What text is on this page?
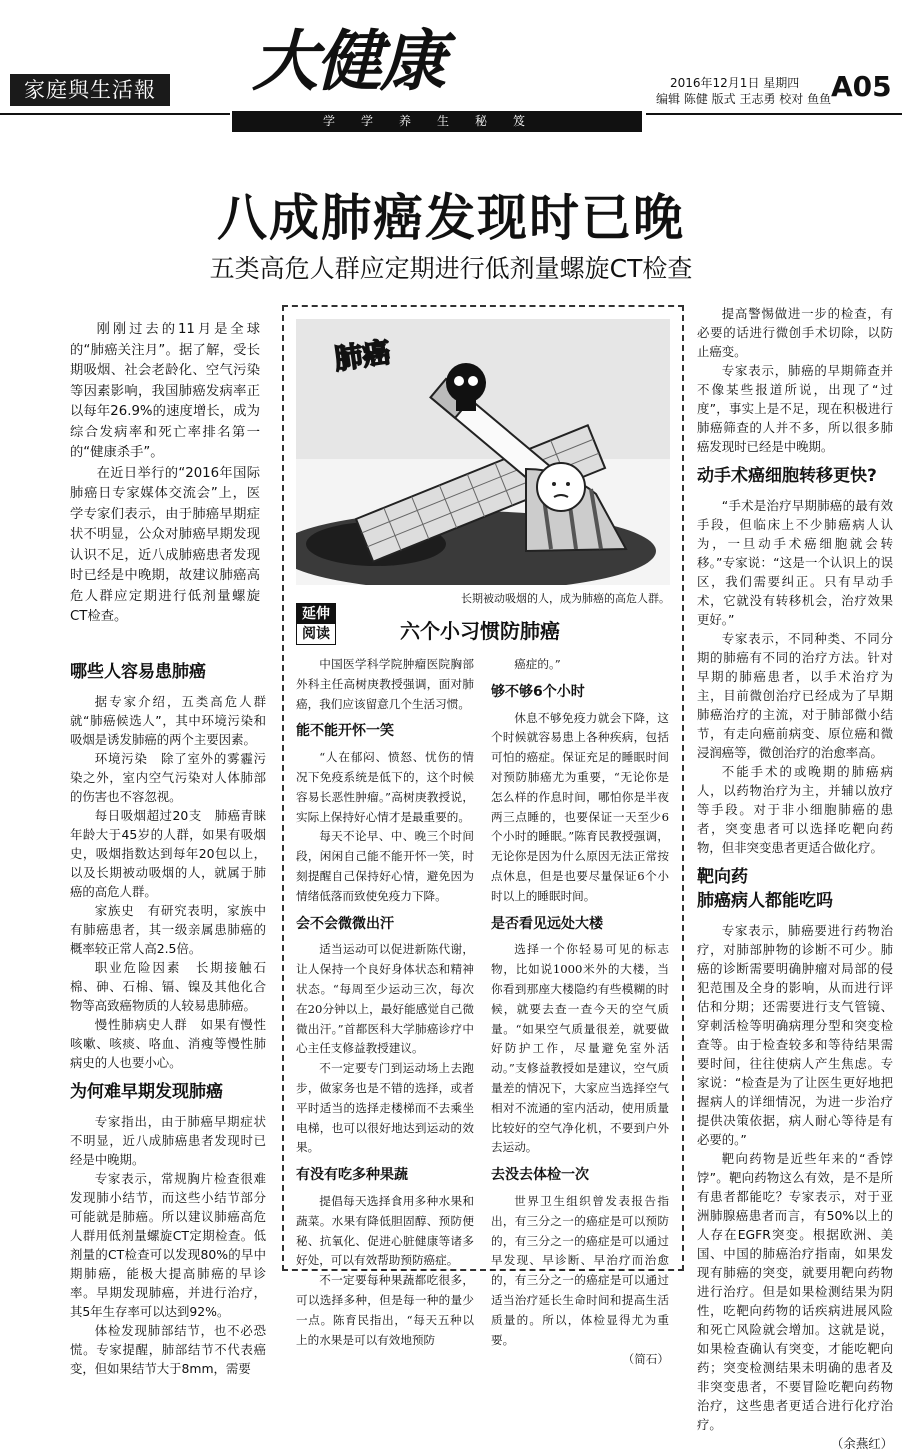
家庭與生活報 大健康
学学养生秘笈
2016年12月1日 星期四
编辑 陈健 版式 王志勇 校对 鱼鱼 A05
八成肺癌发现时已晚
五类高危人群应定期进行低剂量螺旋CT检查

刚刚过去的11月是全球的“肺癌关注月”。据了解，受长期吸烟、社会老龄化、空气污染等因素影响，我国肺癌发病率正以每年26.9%的速度增长，成为综合发病率和死亡率排名第一的“健康杀手”。

在近日举行的“2016年国际肺癌日专家媒体交流会”上，医学专家们表示，由于肺癌早期症状不明显，公众对肺癌早期发现认识不足，近八成肺癌患者发现时已经是中晚期，故建议肺癌高危人群应定期进行低剂量螺旋CT检查。

哪些人容易患肺癌

据专家介绍，五类高危人群就“肺癌候选人”，其中环境污染和吸烟是诱发肺癌的两个主要因素。

环境污染　除了室外的雾霾污染之外，室内空气污染对人体肺部的伤害也不容忽视。

每日吸烟超过20支　肺癌青睐年龄大于45岁的人群，如果有吸烟史，吸烟指数达到每年20包以上，以及长期被动吸烟的人，就属于肺癌的高危人群。

家族史　有研究表明，家族中有肺癌患者，其一级亲属患肺癌的概率较正常人高2.5倍。

职业危险因素　长期接触石棉、砷、石棉、镉、镍及其他化合物等高致癌物质的人较易患肺癌。

慢性肺病史人群　如果有慢性咳嗽、咳痰、咯血、消瘦等慢性肺病史的人也要小心。

为何难早期发现肺癌

专家指出，由于肺癌早期症状不明显，近八成肺癌患者发现时已经是中晚期。

专家表示，常规胸片检查很难发现肺小结节，而这些小结节部分可能就是肺癌。所以建议肺癌高危人群用低剂量螺旋CT定期检查。低剂量的CT检查可以发现80%的早中期肺癌，能极大提高肺癌的早诊率。早期发现肺癌，并进行治疗，其5年生存率可以达到92%。

体检发现肺部结节，也不必恐慌。专家提醒，肺部结节不代表癌变，但如果结节大于8mm，需要

肺癌
长期被动吸烟的人，成为肺癌的高危人群。
延伸
阅读	六个小习惯防肺癌

中国医学科学院肿瘤医院胸部外科主任高树庚教授强调，面对肺癌，我们应该留意几个生活习惯。

能不能开怀一笑

“人在郁闷、愤怒、忧伤的情况下免疫系统是低下的，这个时候容易长恶性肿瘤。”高树庚教授说，实际上保持好心情才是最重要的。

每天不论早、中、晚三个时间段，闲闲自己能不能开怀一笑，时刻提醒自己保持好心情，避免因为情绪低落而致使免疫力下降。

会不会微微出汗

适当运动可以促进新陈代谢，让人保持一个良好身体状态和精神状态。“每周至少运动三次，每次在20分钟以上，最好能感觉自己微微出汗。”首都医科大学肺癌诊疗中心主任支修益教授建议。

不一定要专门到运动场上去跑步，做家务也是不错的选择，或者平时适当的选择走楼梯而不去乘坐电梯，也可以很好地达到运动的效果。

有没有吃多种果蔬

提倡每天选择食用多种水果和蔬菜。水果有降低胆固醇、预防便秘、抗氧化、促进心脏健康等诸多好处，可以有效帮助预防癌症。

不一定要每种果蔬都吃很多，可以选择多种，但是每一种的量少一点。陈育民指出，“每天五种以上的水果是可以有效地预防

癌症的。”

够不够6个小时

休息不够免疫力就会下降，这个时候就容易患上各种疾病，包括可怕的癌症。保证充足的睡眠时间对预防肺癌尤为重要，“无论你是怎么样的作息时间，哪怕你是半夜两三点睡的，也要保证一天至少6个小时的睡眠。”陈育民教授强调，无论你是因为什么原因无法正常按点休息，但是也要尽量保证6个小时以上的睡眠时间。

是否看见远处大楼

选择一个你轻易可见的标志物，比如说1000米外的大楼，当你看到那座大楼隐约有些模糊的时候，就要去查一查今天的空气质量。“如果空气质量很差，就要做好防护工作，尽量避免室外活动。”支修益教授如是建议，空气质量差的情况下，大家应当选择空气相对不流通的室内活动，使用质量比较好的空气净化机，不要到户外去运动。

去没去体检一次

世界卫生组织曾发表报告指出，有三分之一的癌症是可以预防的，有三分之一的癌症是可以通过早发现、早诊断、早治疗而治愈的，有三分之一的癌症是可以通过适当治疗延长生命时间和提高生活质量的。所以，体检显得尤为重要。

（简石）

提高警惕做进一步的检查，有必要的话进行微创手术切除，以防止癌变。

专家表示，肺癌的早期筛查并不像某些报道所说，出现了“过度”，事实上是不足，现在积极进行肺癌筛查的人并不多，所以很多肺癌发现时已经是中晚期。

动手术癌细胞转移更快?

“手术是治疗早期肺癌的最有效手段，但临床上不少肺癌病人认为，一旦动手术癌细胞就会转移。”专家说：“这是一个认识上的误区，我们需要纠正。只有早动手术，它就没有转移机会，治疗效果更好。”

专家表示，不同种类、不同分期的肺癌有不同的治疗方法。针对早期的肺癌患者，以手术治疗为主，目前微创治疗已经成为了早期肺癌治疗的主流，对于肺部微小结节，有走向癌前病变、原位癌和微浸润癌等，微创治疗的治愈率高。

不能手术的或晚期的肺癌病人，以药物治疗为主，并辅以放疗等手段。对于非小细胞肺癌的患者，突变患者可以选择吃靶向药物，但非突变患者更适合做化疗。

靶向药
肺癌病人都能吃吗

专家表示，肺癌要进行药物治疗，对肺部肿物的诊断不可少。肺癌的诊断需要明确肿瘤对局部的侵犯范围及全身的影响，从而进行评估和分期；还需要进行支气管镜、穿刺活检等明确病理分型和突变检查等。由于检查较多和等待结果需要时间，往往使病人产生焦虑。专家说：“检查是为了让医生更好地把握病人的详细情况，为进一步治疗提供决策依据，病人耐心等待是有必要的。”

靶向药物是近些年来的“香饽饽”。靶向药物这么有效，是不是所有患者都能吃？专家表示，对于亚洲肺腺癌患者而言，有50%以上的人存在EGFR突变。根据欧洲、美国、中国的肺癌治疗指南，如果发现有肺癌的突变，就要用靶向药物进行治疗。但是如果检测结果为阴性，吃靶向药物的话疾病进展风险和死亡风险就会增加。这就是说，如果检查确认有突变，才能吃靶向药；突变检测结果未明确的患者及非突变患者，不要冒险吃靶向药物治疗，这些患者更适合进行化疗治疗。

（余燕红）
